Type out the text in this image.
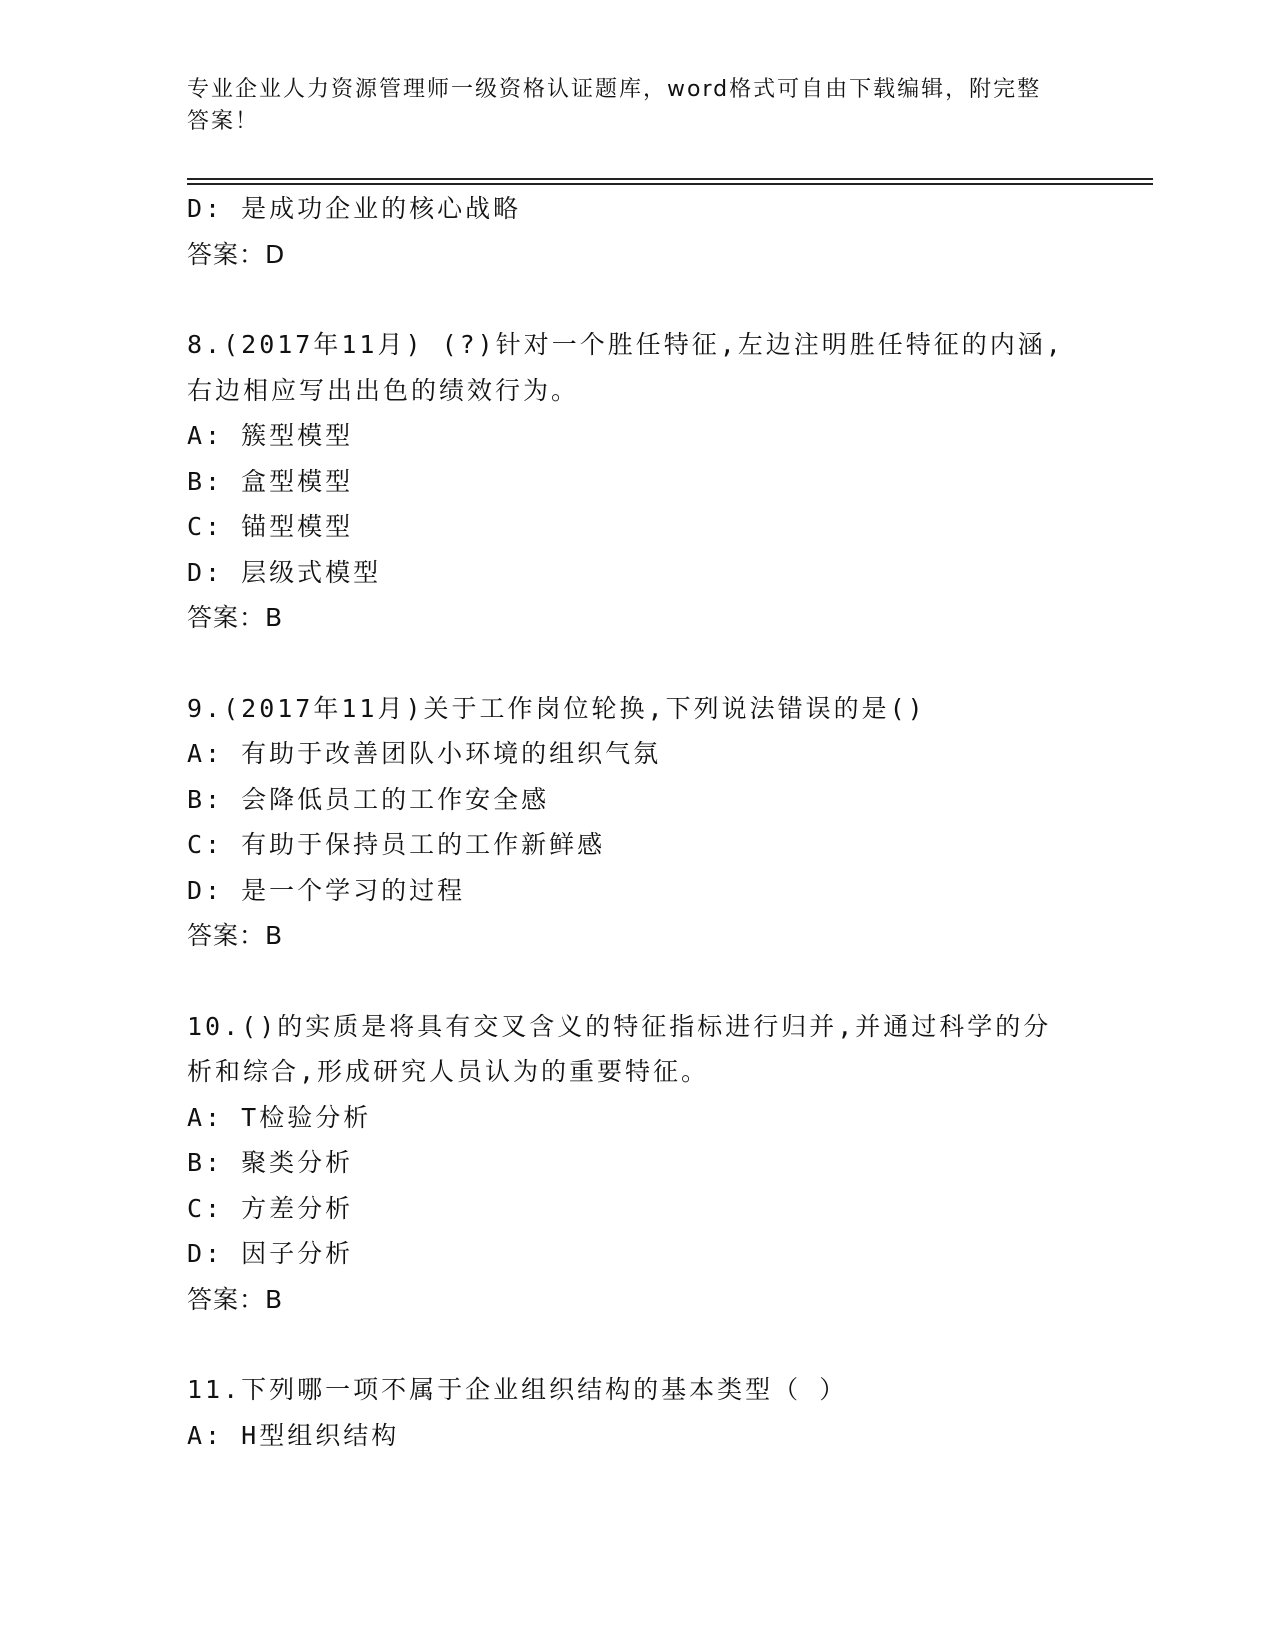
专业企业人力资源管理师一级资格认证题库，word格式可自由下载编辑，附完整
答案！
D: 是成功企业的核心战略
答案：D
8.(2017年11月) (?)针对一个胜任特征,左边注明胜任特征的内涵,右边相应写出出色的绩效行为。
A: 簇型模型
B: 盒型模型
C: 锚型模型
D: 层级式模型
答案：B
9.(2017年11月)关于工作岗位轮换,下列说法错误的是()
A: 有助于改善团队小环境的组织气氛
B: 会降低员工的工作安全感
C: 有助于保持员工的工作新鲜感
D: 是一个学习的过程
答案：B
10.()的实质是将具有交叉含义的特征指标进行归并,并通过科学的分析和综合,形成研究人员认为的重要特征。
A: T检验分析
B: 聚类分析
C: 方差分析
D: 因子分析
答案：B
11.下列哪一项不属于企业组织结构的基本类型（ ）
A: H型组织结构
